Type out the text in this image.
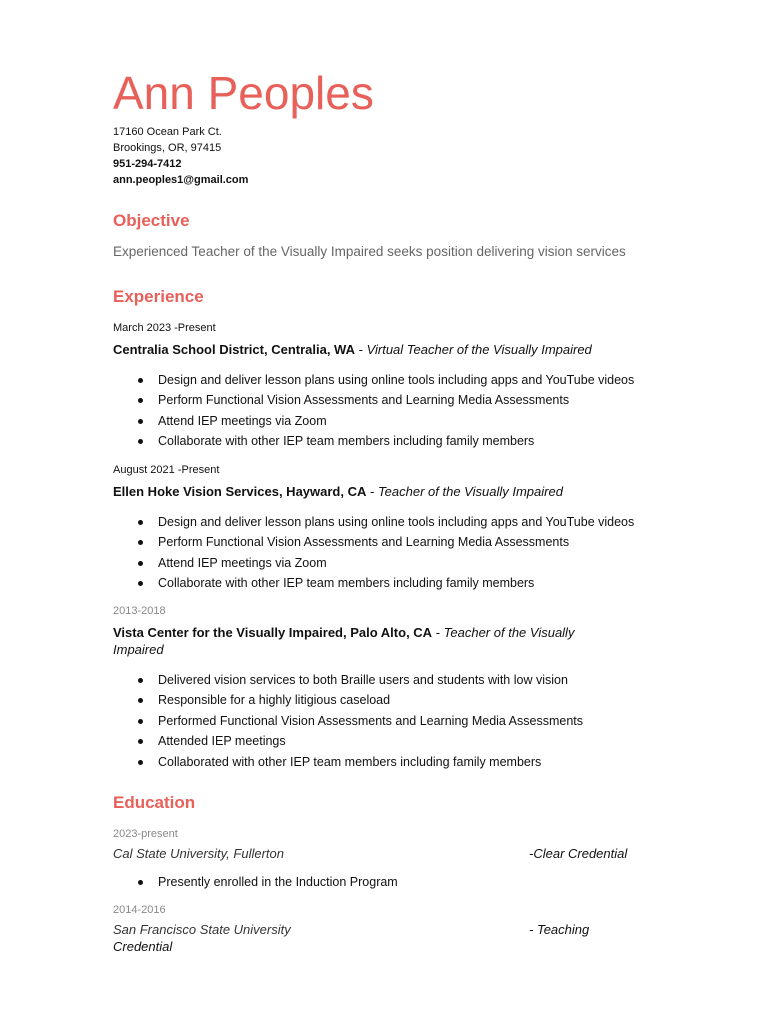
Ann Peoples
17160 Ocean Park Ct.
Brookings, OR, 97415
951-294-7412
ann.peoples1@gmail.com
Objective
Experienced Teacher of the Visually Impaired seeks position delivering vision services
Experience
March 2023 -Present
Centralia School District, Centralia, WA - Virtual Teacher of the Visually Impaired
Design and deliver lesson plans using online tools including apps and YouTube videos
Perform Functional Vision Assessments and Learning Media Assessments
Attend IEP meetings via Zoom
Collaborate with other IEP team members including family members
August 2021 -Present
Ellen Hoke Vision Services, Hayward, CA - Teacher of the Visually Impaired
Design and deliver lesson plans using online tools including apps and YouTube videos
Perform Functional Vision Assessments and Learning Media Assessments
Attend IEP meetings via Zoom
Collaborate with other IEP team members including family members
2013-2018
Vista Center for the Visually Impaired, Palo Alto, CA - Teacher of the Visually Impaired
Delivered vision services to both Braille users and students with low vision
Responsible for a highly litigious caseload
Performed Functional Vision Assessments and Learning Media Assessments
Attended IEP meetings
Collaborated with other IEP team members including family members
Education
2023-present
Cal State University, Fullerton	-Clear Credential
Presently enrolled in the Induction Program
2014-2016
San Francisco State University	- Teaching
Credential
